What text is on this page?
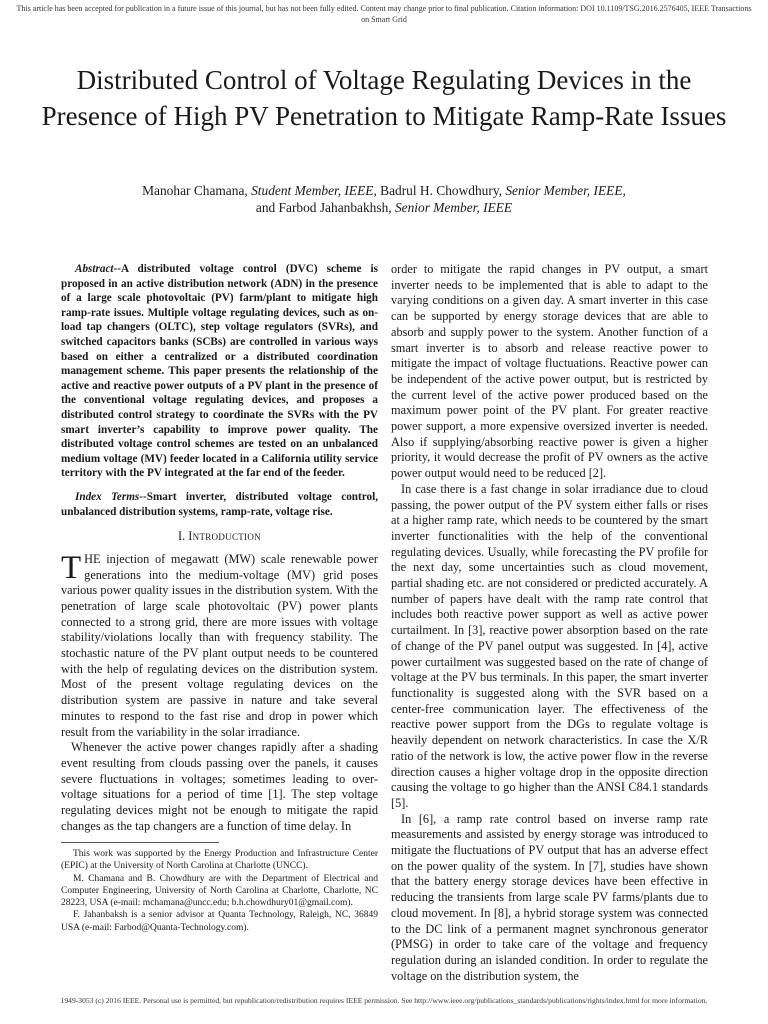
This article has been accepted for publication in a future issue of this journal, but has not been fully edited. Content may change prior to final publication. Citation information: DOI 10.1109/TSG.2016.2576405, IEEE Transactions on Smart Grid
Distributed Control of Voltage Regulating Devices in the Presence of High PV Penetration to Mitigate Ramp-Rate Issues
Manohar Chamana, Student Member, IEEE, Badrul H. Chowdhury, Senior Member, IEEE,
and Farbod Jahanbakhsh, Senior Member, IEEE

Abstract--A distributed voltage control (DVC) scheme is proposed in an active distribution network (ADN) in the presence of a large scale photovoltaic (PV) farm/plant to mitigate high ramp-rate issues. Multiple voltage regulating devices, such as on-load tap changers (OLTC), step voltage regulators (SVRs), and switched capacitors banks (SCBs) are controlled in various ways based on either a centralized or a distributed coordination management scheme. This paper presents the relationship of the active and reactive power outputs of a PV plant in the presence of the conventional voltage regulating devices, and proposes a distributed control strategy to coordinate the SVRs with the PV smart inverter’s capability to improve power quality. The distributed voltage control schemes are tested on an unbalanced medium voltage (MV) feeder located in a California utility service territory with the PV integrated at the far end of the feeder.

Index Terms--Smart inverter, distributed voltage control, unbalanced distribution systems, ramp-rate, voltage rise.

I. Introduction

THE injection of megawatt (MW) scale renewable power generations into the medium-voltage (MV) grid poses various power quality issues in the distribution system. With the penetration of large scale photovoltaic (PV) power plants connected to a strong grid, there are more issues with voltage stability/violations locally than with frequency stability. The stochastic nature of the PV plant output needs to be countered with the help of regulating devices on the distribution system. Most of the present voltage regulating devices on the distribution system are passive in nature and take several minutes to respond to the fast rise and drop in power which result from the variability in the solar irradiance.

Whenever the active power changes rapidly after a shading event resulting from clouds passing over the panels, it causes severe fluctuations in voltages; sometimes leading to over-voltage situations for a period of time [1]. The step voltage regulating devices might not be enough to mitigate the rapid changes as the tap changers are a function of time delay. In

This work was supported by the Energy Production and Infrastructure Center (EPIC) at the University of North Carolina at Charlotte (UNCC).

M. Chamana and B. Chowdhury are with the Department of Electrical and Computer Engineering, University of North Carolina at Charlotte, Charlotte, NC 28223, USA (e-mail: mchamana@uncc.edu; b.h.chowdhury01@gmail.com).

F. Jahanbaksh is a senior advisor at Quanta Technology, Raleigh, NC, 36849 USA (e-mail: Farbod@Quanta-Technology.com).

order to mitigate the rapid changes in PV output, a smart inverter needs to be implemented that is able to adapt to the varying conditions on a given day. A smart inverter in this case can be supported by energy storage devices that are able to absorb and supply power to the system. Another function of a smart inverter is to absorb and release reactive power to mitigate the impact of voltage fluctuations. Reactive power can be independent of the active power output, but is restricted by the current level of the active power produced based on the maximum power point of the PV plant. For greater reactive power support, a more expensive oversized inverter is needed. Also if supplying/absorbing reactive power is given a higher priority, it would decrease the profit of PV owners as the active power output would need to be reduced [2].

In case there is a fast change in solar irradiance due to cloud passing, the power output of the PV system either falls or rises at a higher ramp rate, which needs to be countered by the smart inverter functionalities with the help of the conventional regulating devices. Usually, while forecasting the PV profile for the next day, some uncertainties such as cloud movement, partial shading etc. are not considered or predicted accurately. A number of papers have dealt with the ramp rate control that includes both reactive power support as well as active power curtailment. In [3], reactive power absorption based on the rate of change of the PV panel output was suggested. In [4], active power curtailment was suggested based on the rate of change of voltage at the PV bus terminals. In this paper, the smart inverter functionality is suggested along with the SVR based on a center-free communication layer. The effectiveness of the reactive power support from the DGs to regulate voltage is heavily dependent on network characteristics. In case the X/R ratio of the network is low, the active power flow in the reverse direction causes a higher voltage drop in the opposite direction causing the voltage to go higher than the ANSI C84.1 standards [5].

In [6], a ramp rate control based on inverse ramp rate measurements and assisted by energy storage was introduced to mitigate the fluctuations of PV output that has an adverse effect on the power quality of the system. In [7], studies have shown that the battery energy storage devices have been effective in reducing the transients from large scale PV farms/plants due to cloud movement. In [8], a hybrid storage system was connected to the DC link of a permanent magnet synchronous generator (PMSG) in order to take care of the voltage and frequency regulation during an islanded condition. In order to regulate the voltage on the distribution system, the

1949-3053 (c) 2016 IEEE. Personal use is permitted, but republication/redistribution requires IEEE permission. See http://www.ieee.org/publications_standards/publications/rights/index.html for more information.
